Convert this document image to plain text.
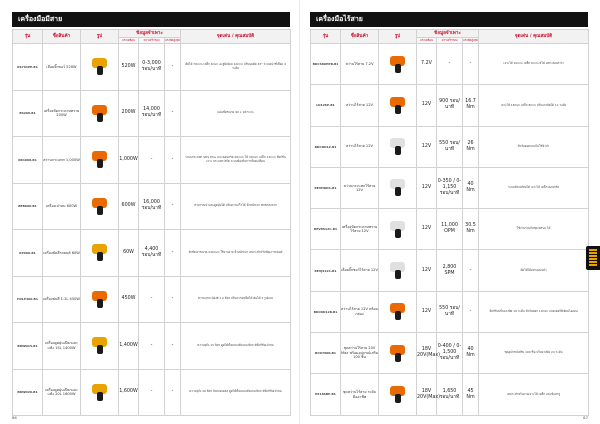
เครื่องมือมีสาย
รุ่น	ชื่อสินค้า	รูป	ข้อมูลจำเพาะ			จุดเด่น / คุณสมบัติ
			แรงเคลื่อน	ความเร็วรอบ	แรงบิดสูงสุด	
KS701PE-B1	เลื่อยจิ๊กซอว์ 520W		520W	0-3,000 รอบ/นาที	-	ตัดไม้ 70mm เหล็ก 6mm อะลูมิเนียม 10mm ปรับมุมตัด 45° ระบบเป่าขี้เลื่อย 4 ระดับ
BS200-B1	เครื่องขัดกระดาษทราย 200W		200W	14,000 รอบ/นาที	-	แผ่นขัดขนาด 90 x 187mm
KR1008-B1	สว่านกระแทก 1,000W		1,000W	-	-	ระบบกระแทก SDS Plus เจาะคอนกรีต 26mm ไม้ 30mm เหล็ก 13mm ฟังก์ชันเจาะ กระแทก สกัด ระบบป้องกันการสั่นสะเทือน
BEB600-B1	เครื่องเป่าลม 600W		600W	16,000 รอบ/นาที	-	สามารถเป่าและดูดฝุ่นได้ ปรับความเร็วได้ น้ำหนักเบา พกพาสะดวก
KP600-B1	เครื่องขัดสีรถยนต์ 60W		60W	4,400 รอบ/นาที	-	ผ้าขัดเงาขนาด 240mm ใช้งานง่าย น้ำหนักเบา เหมาะสำหรับขัดเงารถยนต์
HVLP400-B1	เครื่องพ่นสี 1.2L 450W		450W	-	-	ความจุกระป๋องสี 1.2 ลิตร ปรับความหนืดได้ พ่นได้ 3 รูปแบบ
BDWD15-B1	เครื่องดูดฝุ่นเปียกและแห้ง 15L 1400W		1,400W	-	-	ความจุถัง 15 ลิตร ดูดได้ทั้งแบบแห้งและเปียก มีฟังก์ชันเป่าลม
BDWD20-B1	เครื่องดูดฝุ่นเปียกและแห้ง 20L 1600W		1,600W	-	-	ความจุถัง 20 ลิตร ถังสแตนเลส ดูดได้ทั้งแบบแห้งและเปียก มีฟังก์ชันเป่าลม
86
เครื่องมือไร้สาย
รุ่น	ชื่อสินค้า	รูป	ข้อมูลจำเพาะ			จุดเด่น / คุณสมบัติ
			แรงเคลื่อน	ความเร็วรอบ	แรงบิดสูงสุด	
BDCS80HPK-B1	สว่านไร้สาย 7.2V		7.2V	-	-	เจาะไม้ 10mm เหล็ก 6mm มีไฟ LED ส่องสว่าง
LD12SP-B1	สว่านไร้สาย 12V		12V	900 รอบ/นาที	16.7 Nm	เจาะไม้ 18mm เหล็ก 8mm ปรับแรงบิดได้ 11 ระดับ
BDCDD12-B1	สว่านไร้สาย 12V		12V	550 รอบ/นาที	26 Nm	หัวจับดอกแบบไม่ใช้จำปา
REVHDDC-B1	สว่านกระแทกไร้สาย 12V		12V	0-350 / 0-1,150 รอบ/นาที	40 Nm	ระบบหัวเปลี่ยนได้ เจาะไม้ เหล็ก คอนกรีต
REVRS12C-B1	เครื่องขัดกระดาษทรายไร้สาย 12V		12V	11,000 OPM	30.5 Nm	ใช้งานร่วมกับชุด REVA ได้
REVJS12C-B1	เลื่อยจิ๊กซอว์ไร้สาย 12V		12V	2,800 SPM	-	ตัดไม้ได้อย่างแม่นยำ
BDCDD12K-B1	สว่านไร้สาย 12V พร้อมกล่อง		12V	550 รอบ/นาที	-	ฟังก์ชันปรับแรงบิด 10 ระดับ หัวจับดอก 10mm แบตเตอรี่ลิเธียมไอออน
BCD700K-B1	ชุดสว่านไร้สาย 20V Max พร้อมอุปกรณ์เสริม 100 ชิ้น		18V 20V(Max)	0-400 / 0-1,500 รอบ/นาที	40 Nm	ชุดอุปกรณ์เสริม 100 ชิ้น ปรับแรงบิด 24 ระดับ
EX18SBP-B1	ชุดสว่านไร้สาย ระดับมืออาชีพ		18V 20V(Max)	1,650 รอบ/นาที	45 Nm	เหมาะสำหรับงานเจาะไม้ เหล็ก และขันสกรู
87
